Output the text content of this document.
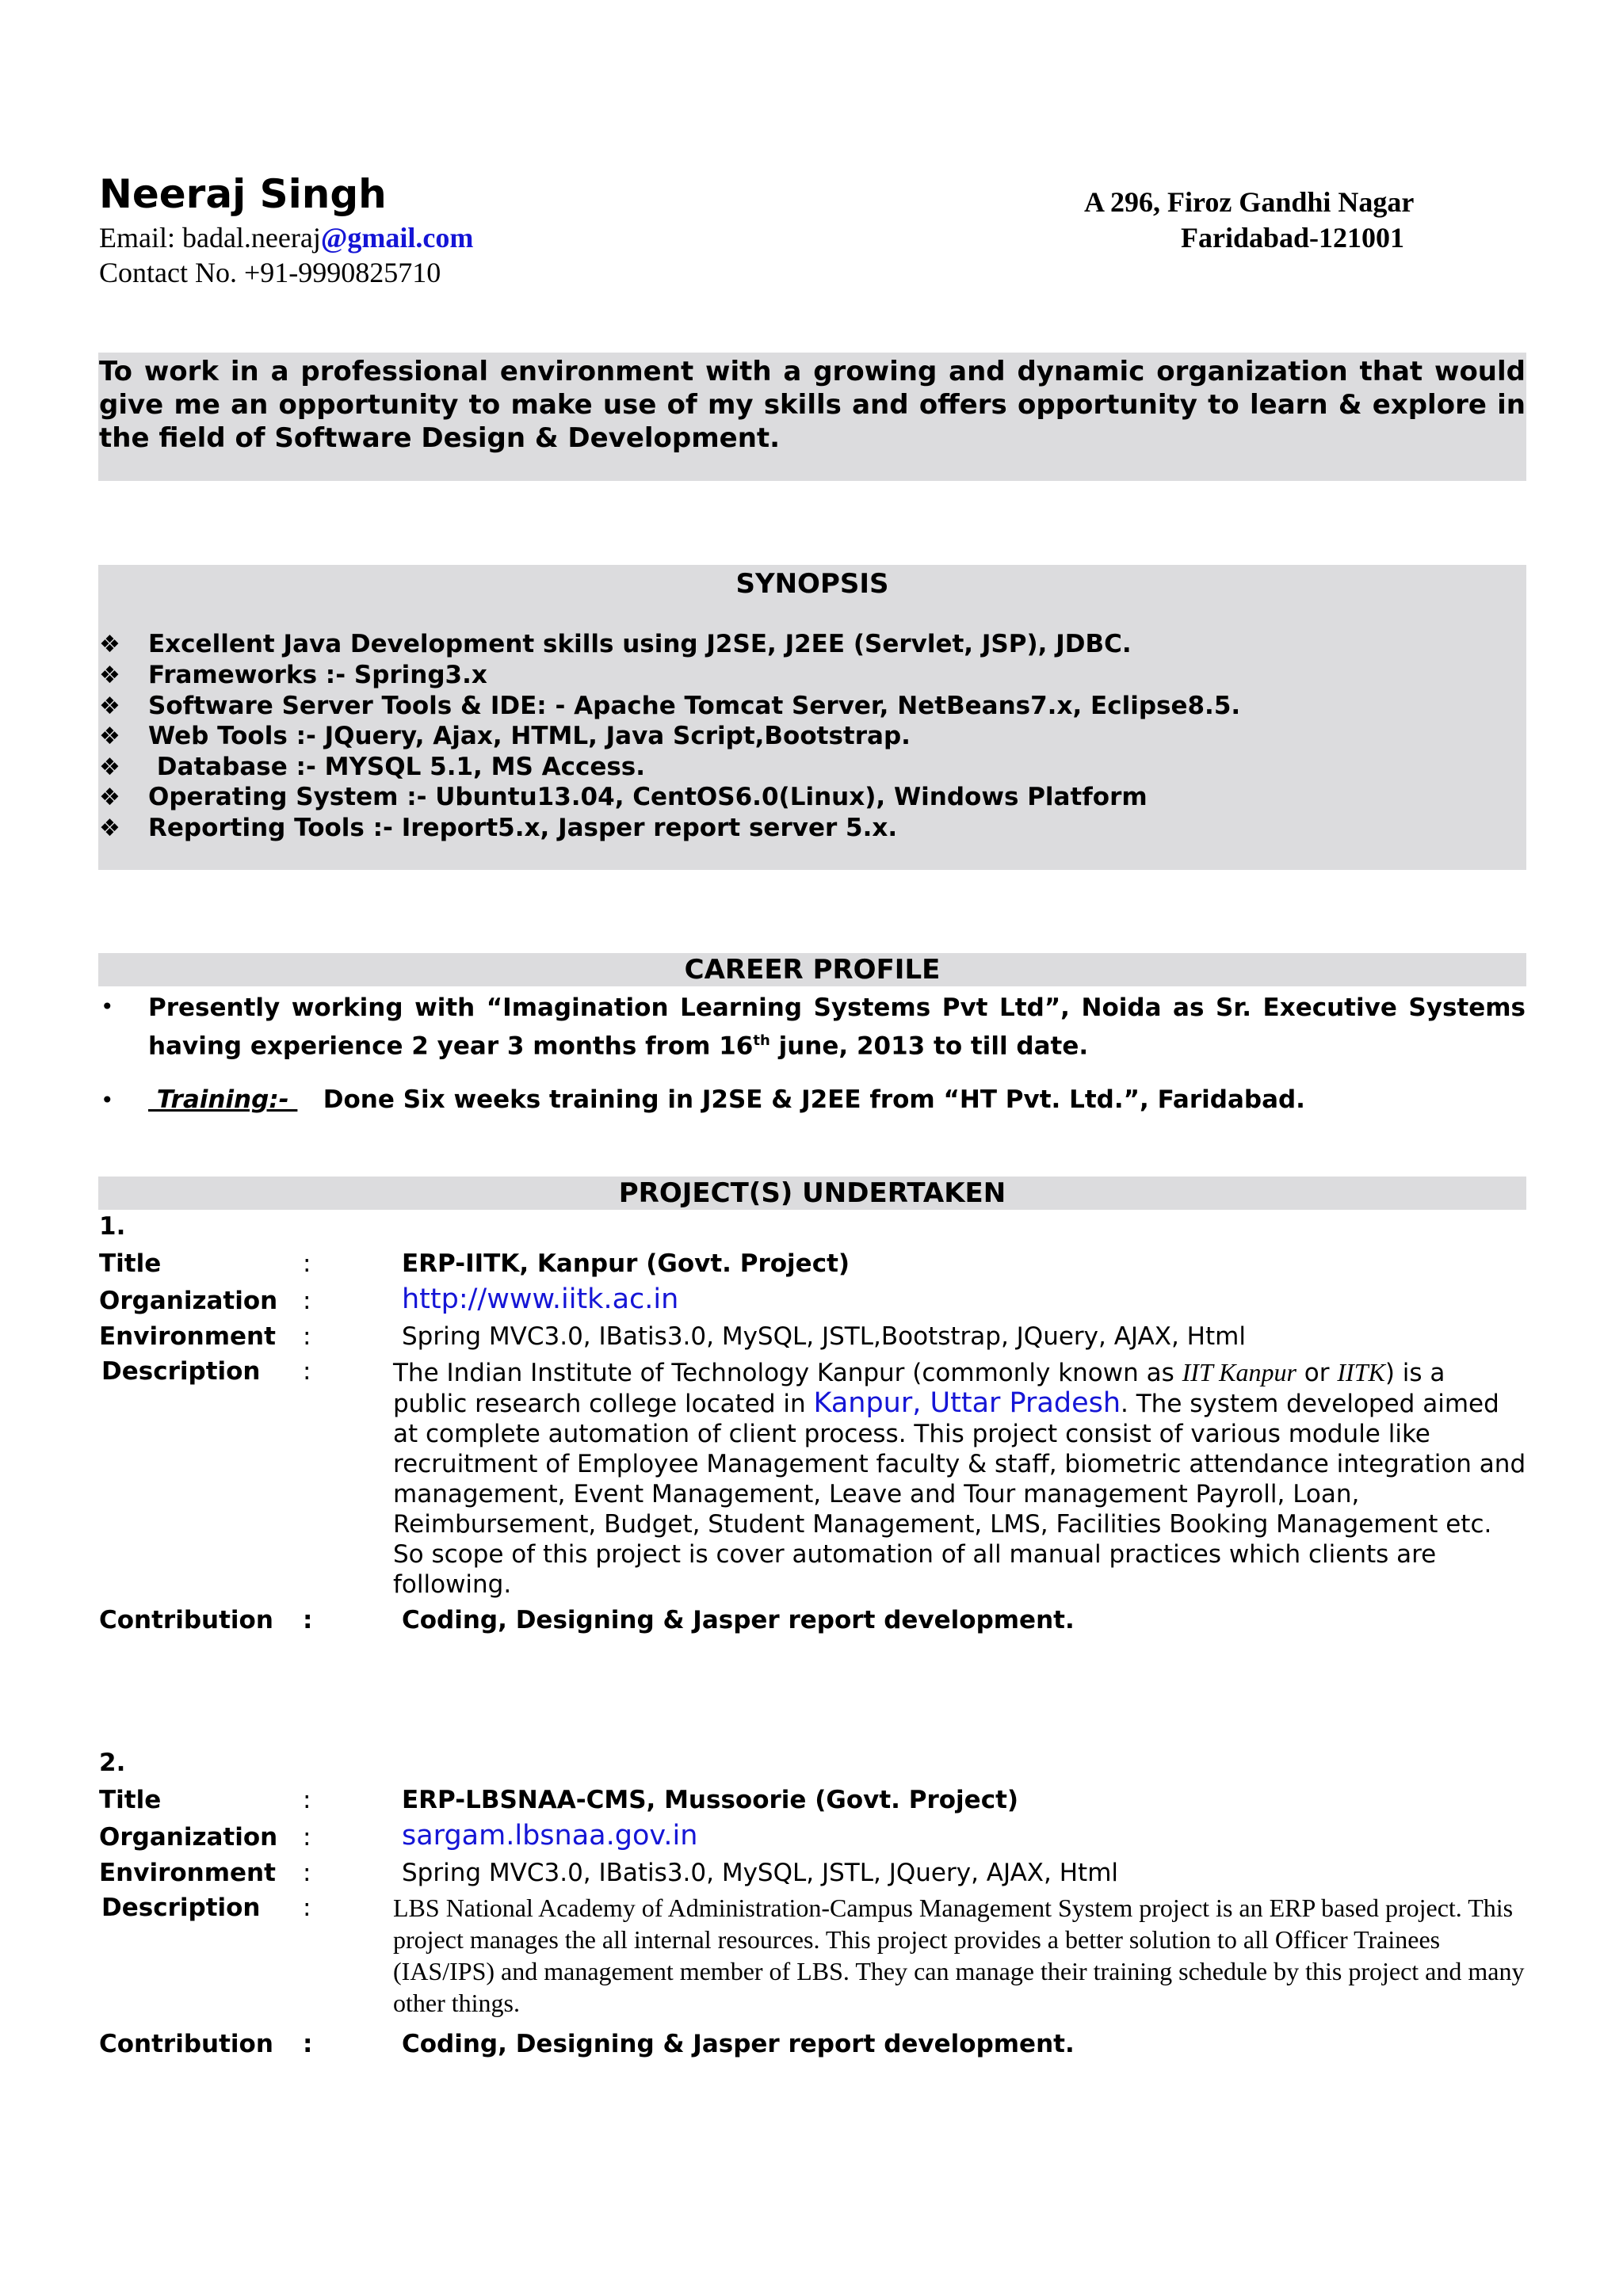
Neeraj Singh	A 296, Firoz Gandhi Nagar
Faridabad-121001
Email: badal.neeraj@gmail.com
Contact No. +91-9990825710
To work in a professional environment with a growing and dynamic organization that would give me an opportunity to make use of my skills and offers opportunity to learn & explore in the field of Software Design & Development.
SYNOPSIS
❖ Excellent Java Development skills using J2SE, J2EE (Servlet, JSP), JDBC.
❖ Frameworks :- Spring3.x
❖ Software Server Tools & IDE: - Apache Tomcat Server, NetBeans7.x, Eclipse8.5.
❖ Web Tools :- JQuery, Ajax, HTML, Java Script,Bootstrap.
❖ Database :- MYSQL 5.1, MS Access.
❖ Operating System :- Ubuntu13.04, CentOS6.0(Linux), Windows Platform
❖ Reporting Tools :- Ireport5.x, Jasper report server 5.x.
CAREER PROFILE
• Presently working with “Imagination Learning Systems Pvt Ltd”, Noida as Sr. Executive Systems having experience 2 year 3 months from 16th june, 2013 to till date.
• Training:-    Done Six weeks training in J2SE & J2EE from “HT Pvt. Ltd.”, Faridabad.
PROJECT(S) UNDERTAKEN
1.
Title	:	ERP-IITK, Kanpur (Govt. Project)
Organization :	http://www.iitk.ac.in
Environment :	Spring MVC3.0, IBatis3.0, MySQL, JSTL,Bootstrap, JQuery, AJAX, Html
Description :	The Indian Institute of Technology Kanpur (commonly known as IIT Kanpur or IITK) is a public research college located in Kanpur, Uttar Pradesh. The system developed aimed at complete automation of client process. This project consist of various module like recruitment of Employee Management faculty & staff, biometric attendance integration and management, Event Management, Leave and Tour management Payroll, Loan, Reimbursement, Budget, Student Management, LMS, Facilities Booking Management etc. So scope of this project is cover automation of all manual practices which clients are following.
Contribution :	Coding, Designing & Jasper report development.
2.
Title	:	ERP-LBSNAA-CMS, Mussoorie (Govt. Project)
Organization :	sargam.lbsnaa.gov.in
Environment :	Spring MVC3.0, IBatis3.0, MySQL, JSTL, JQuery, AJAX, Html
Description :	LBS National Academy of Administration-Campus Management System project is an ERP based project. This project manages the all internal resources. This project provides a better solution to all Officer Trainees (IAS/IPS) and management member of LBS. They can manage their training schedule by this project and many other things.
Contribution :	Coding, Designing & Jasper report development.
